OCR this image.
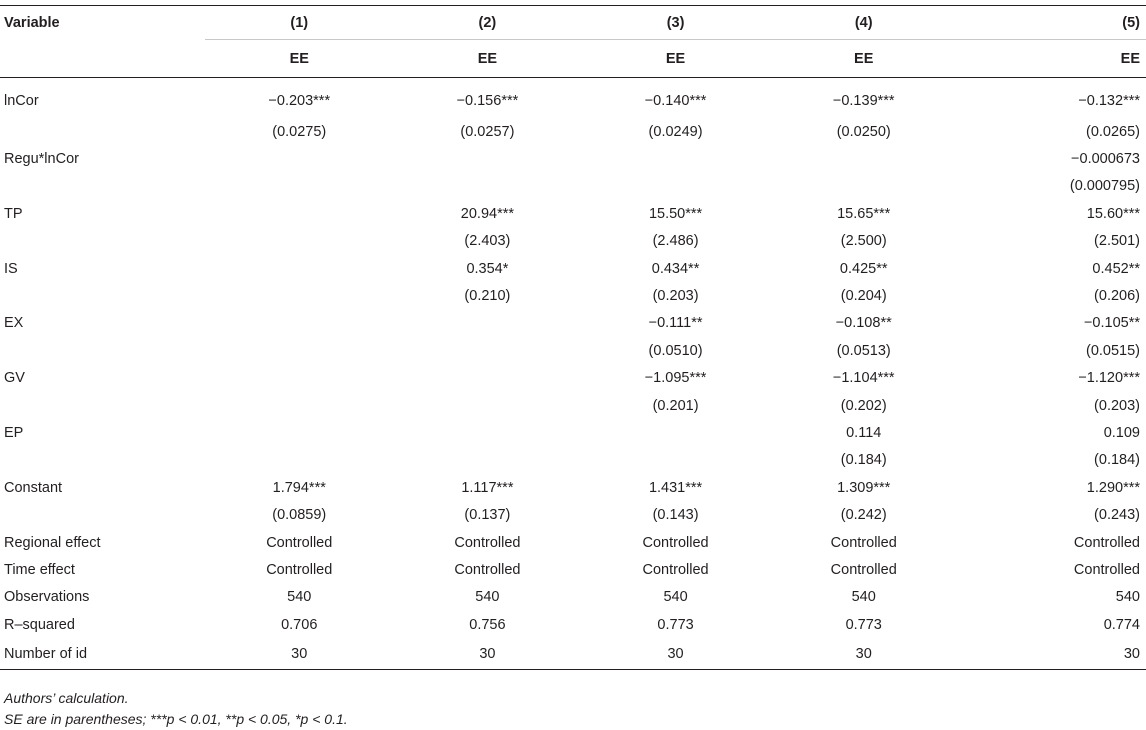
Variable	(1)	(2)	(3)	(4)	(5)
	EE	EE	EE	EE	EE
lnCor	−0.203***	−0.156***	−0.140***	−0.139***	−0.132***
	(0.0275)	(0.0257)	(0.0249)	(0.0250)	(0.0265)
Regu*lnCor					−0.000673
					(0.000795)
TP		20.94***	15.50***	15.65***	15.60***
		(2.403)	(2.486)	(2.500)	(2.501)
IS		0.354*	0.434**	0.425**	0.452**
		(0.210)	(0.203)	(0.204)	(0.206)
EX			−0.111**	−0.108**	−0.105**
			(0.0510)	(0.0513)	(0.0515)
GV			−1.095***	−1.104***	−1.120***
			(0.201)	(0.202)	(0.203)
EP				0.114	0.109
				(0.184)	(0.184)
Constant	1.794***	1.117***	1.431***	1.309***	1.290***
	(0.0859)	(0.137)	(0.143)	(0.242)	(0.243)
Regional effect	Controlled	Controlled	Controlled	Controlled	Controlled
Time effect	Controlled	Controlled	Controlled	Controlled	Controlled
Observations	540	540	540	540	540
R–squared	0.706	0.756	0.773	0.773	0.774
Number of id	30	30	30	30	30
Authors’ calculation.
SE are in parentheses; ***p < 0.01, **p < 0.05, *p < 0.1.
